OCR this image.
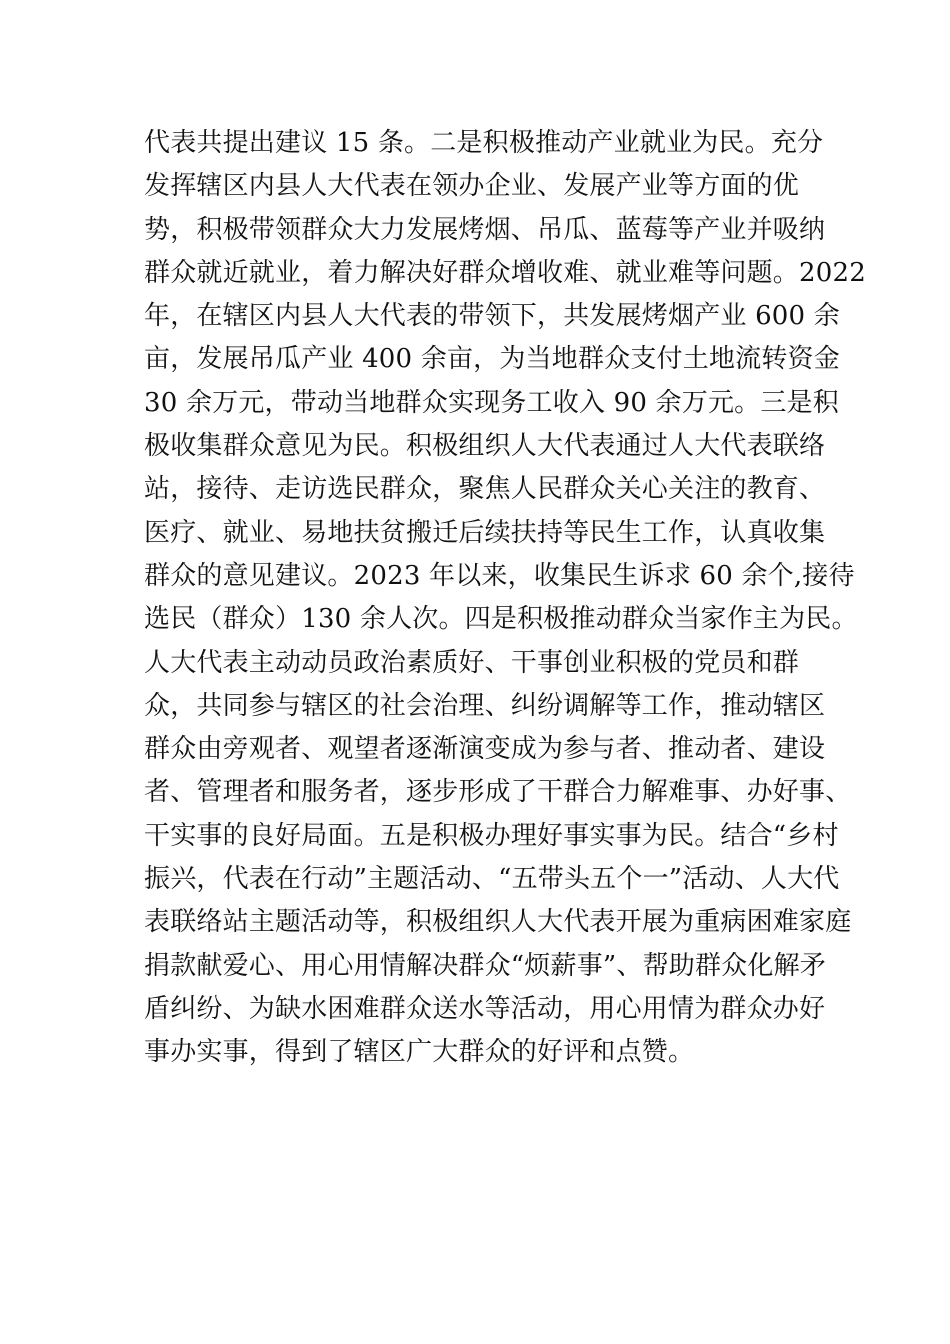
代表共提出建议 15 条。二是积极推动产业就业为民。充分
发挥辖区内县人大代表在领办企业、发展产业等方面的优
势，积极带领群众大力发展烤烟、吊瓜、蓝莓等产业并吸纳
群众就近就业，着力解决好群众增收难、就业难等问题。2022
年，在辖区内县人大代表的带领下，共发展烤烟产业 600 余
亩，发展吊瓜产业 400 余亩，为当地群众支付土地流转资金
30 余万元，带动当地群众实现务工收入 90 余万元。三是积
极收集群众意见为民。积极组织人大代表通过人大代表联络
站，接待、走访选民群众，聚焦人民群众关心关注的教育、
医疗、就业、易地扶贫搬迁后续扶持等民生工作，认真收集
群众的意见建议。2023 年以来，收集民生诉求 60 余个,接待
选民（群众）130 余人次。四是积极推动群众当家作主为民。
人大代表主动动员政治素质好、干事创业积极的党员和群
众，共同参与辖区的社会治理、纠纷调解等工作，推动辖区
群众由旁观者、观望者逐渐演变成为参与者、推动者、建设
者、管理者和服务者，逐步形成了干群合力解难事、办好事、
干实事的良好局面。五是积极办理好事实事为民。结合“乡村
振兴，代表在行动”主题活动、“五带头五个一”活动、人大代
表联络站主题活动等，积极组织人大代表开展为重病困难家庭
捐款献爱心、用心用情解决群众“烦薪事”、帮助群众化解矛
盾纠纷、为缺水困难群众送水等活动，用心用情为群众办好
事办实事，得到了辖区广大群众的好评和点赞。
